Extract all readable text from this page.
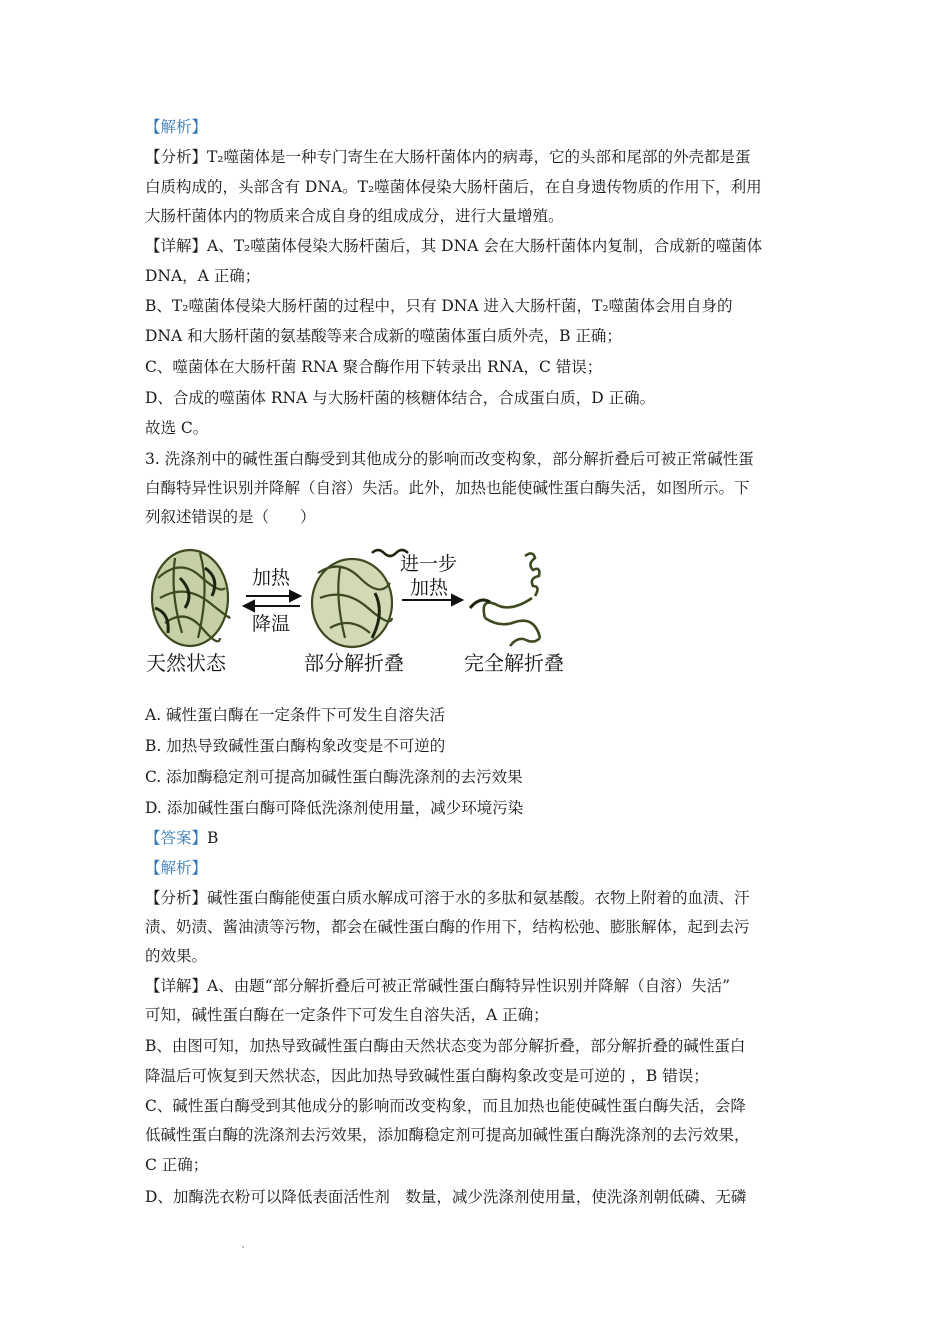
【解析】
【分析】T₂噬菌体是一种专门寄生在大肠杆菌体内的病毒，它的头部和尾部的外壳都是蛋
白质构成的，头部含有 DNA。T₂噬菌体侵染大肠杆菌后，在自身遗传物质的作用下，利用
大肠杆菌体内的物质来合成自身的组成成分，进行大量增殖。
【详解】A、T₂噬菌体侵染大肠杆菌后，其 DNA 会在大肠杆菌体内复制，合成新的噬菌体
DNA，A 正确；
B、T₂噬菌体侵染大肠杆菌的过程中，只有 DNA 进入大肠杆菌，T₂噬菌体会用自身的
DNA 和大肠杆菌的氨基酸等来合成新的噬菌体蛋白质外壳，B 正确；
C、噬菌体在大肠杆菌 RNA 聚合酶作用下转录出 RNA，C 错误；
D、合成的噬菌体 RNA 与大肠杆菌的核糖体结合，合成蛋白质，D 正确。
故选 C。
3. 洗涤剂中的碱性蛋白酶受到其他成分的影响而改变构象，部分解折叠后可被正常碱性蛋
白酶特异性识别并降解（自溶）失活。此外，加热也能使碱性蛋白酶失活，如图所示。下
列叙述错误的是（　　）
加热
降温
进一步
加热
天然状态	部分解折叠	完全解折叠
A. 碱性蛋白酶在一定条件下可发生自溶失活
B. 加热导致碱性蛋白酶构象改变是不可逆的
C. 添加酶稳定剂可提高加碱性蛋白酶洗涤剂的去污效果
D. 添加碱性蛋白酶可降低洗涤剂使用量，减少环境污染
【答案】B
【解析】
【分析】碱性蛋白酶能使蛋白质水解成可溶于水的多肽和氨基酸。衣物上附着的血渍、汗
渍、奶渍、酱油渍等污物，都会在碱性蛋白酶的作用下，结构松弛、膨胀解体，起到去污
的效果。
【详解】A、由题“部分解折叠后可被正常碱性蛋白酶特异性识别并降解（自溶）失活”
可知，碱性蛋白酶在一定条件下可发生自溶失活，A 正确；
B、由图可知，加热导致碱性蛋白酶由天然状态变为部分解折叠，部分解折叠的碱性蛋白
降温后可恢复到天然状态，因此加热导致碱性蛋白酶构象改变是可逆的 ，B 错误；
C、碱性蛋白酶受到其他成分的影响而改变构象，而且加热也能使碱性蛋白酶失活，会降
低碱性蛋白酶的洗涤剂去污效果，添加酶稳定剂可提高加碱性蛋白酶洗涤剂的去污效果，
C 正确；
D、加酶洗衣粉可以降低表面活性剂　数量，减少洗涤剂使用量，使洗涤剂朝低磷、无磷
